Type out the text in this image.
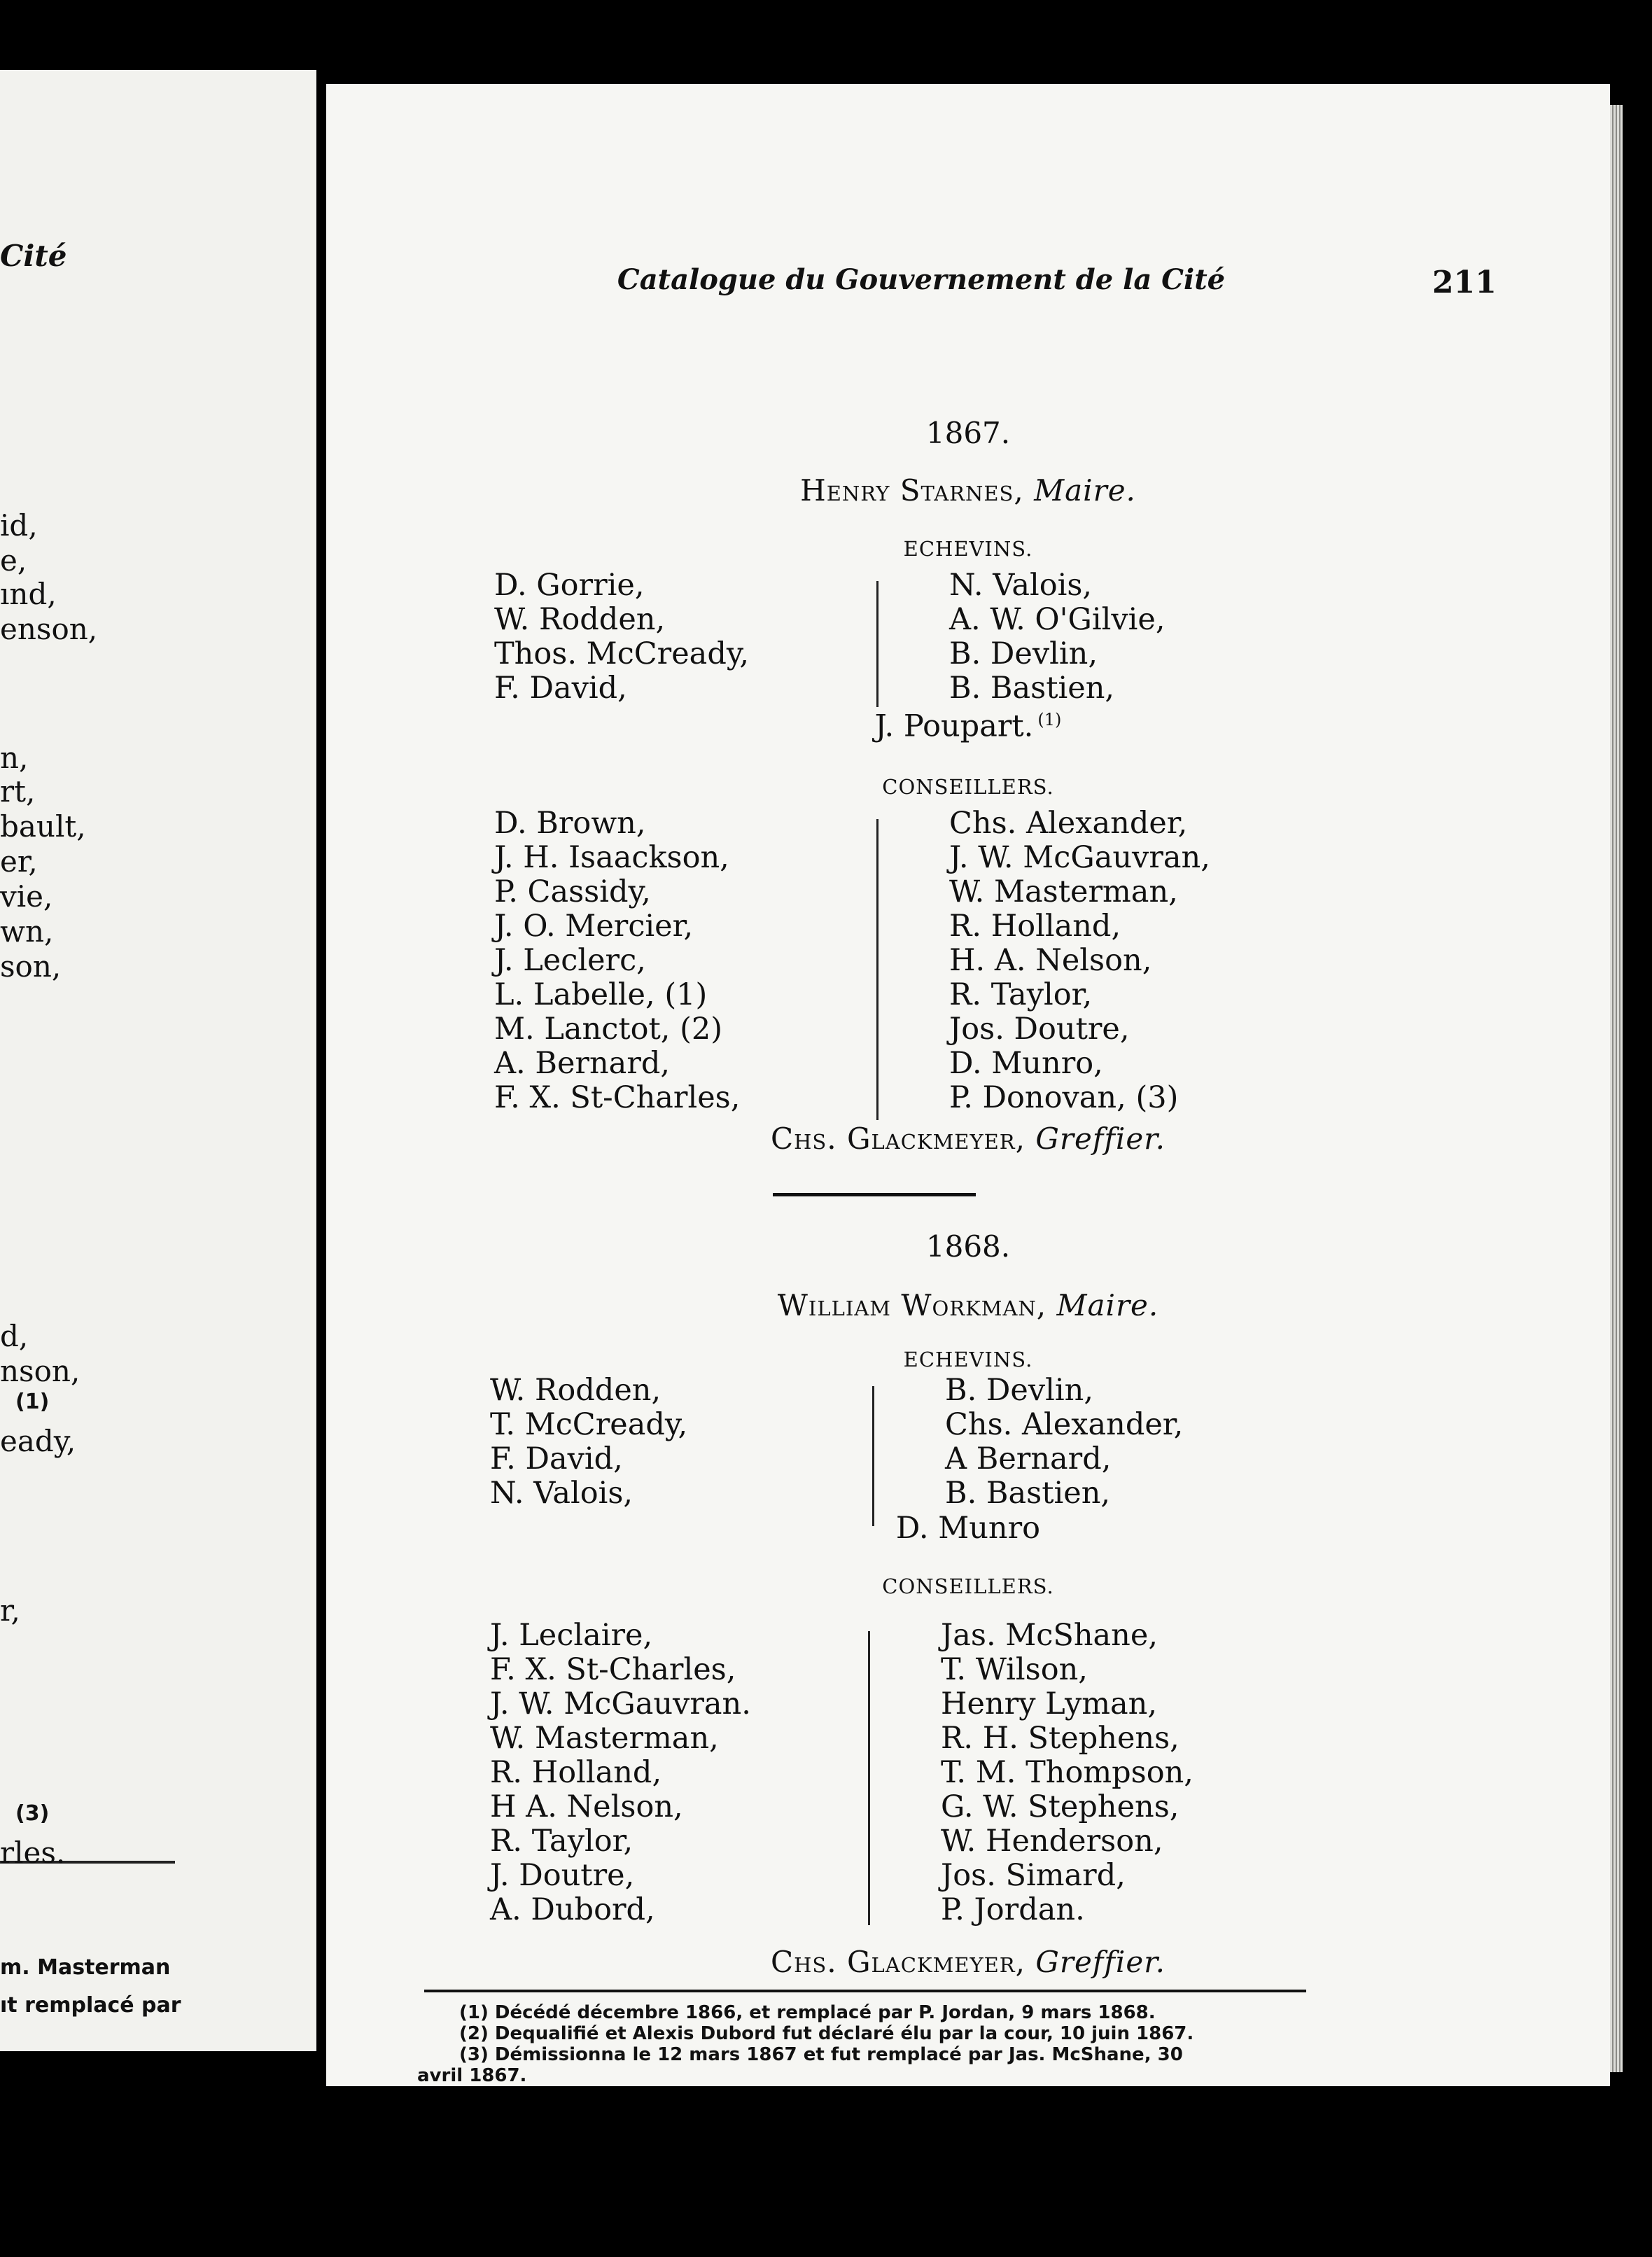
Cité
id,
e,
ınd,
enson,
n,
rt,
bault,
er,
vie,
wn,
son,
d,
nson,
(1)
eady,
r,
(3)
rles.
m. Masterman
ıt remplacé par
Catalogue du Gouvernement de la Cité	211
1867.
Henry Starnes, Maire.
ECHEVINS.
D. Gorrie,
W. Rodden,
Thos. McCready,
F. David,
N. Valois,
A. W. O'Gilvie,
B. Devlin,
B. Bastien,
J. Poupart. $^{(1)}$
CONSEILLERS.
D. Brown,
J. H. Isaackson,
P. Cassidy,
J. O. Mercier,
J. Leclerc,
L. Labelle, (1)
M. Lanctot, (2)
A. Bernard,
F. X. St-Charles,
Chs. Alexander,
J. W. McGauvran,
W. Masterman,
R. Holland,
H. A. Nelson,
R. Taylor,
Jos. Doutre,
D. Munro,
P. Donovan, (3)
Chs. Glackmeyer, Greffier.
1868.
William Workman, Maire.
ECHEVINS.
W. Rodden,
T. McCready,
F. David,
N. Valois,
B. Devlin,
Chs. Alexander,
A Bernard,
B. Bastien,
D. Munro
CONSEILLERS.
J. Leclaire,
F. X. St-Charles,
J. W. McGauvran.
W. Masterman,
R. Holland,
H A. Nelson,
R. Taylor,
J. Doutre,
A. Dubord,
Jas. McShane,
T. Wilson,
Henry Lyman,
R. H. Stephens,
T. M. Thompson,
G. W. Stephens,
W. Henderson,
Jos. Simard,
P. Jordan.
Chs. Glackmeyer, Greffier.
(1) Décédé décembre 1866, et remplacé par P. Jordan, 9 mars 1868.
(2) Dequalifié et Alexis Dubord fut déclaré élu par la cour, 10 juin 1867.
(3) Démissionna le 12 mars 1867 et fut remplacé par Jas. McShane, 30
avril 1867.
